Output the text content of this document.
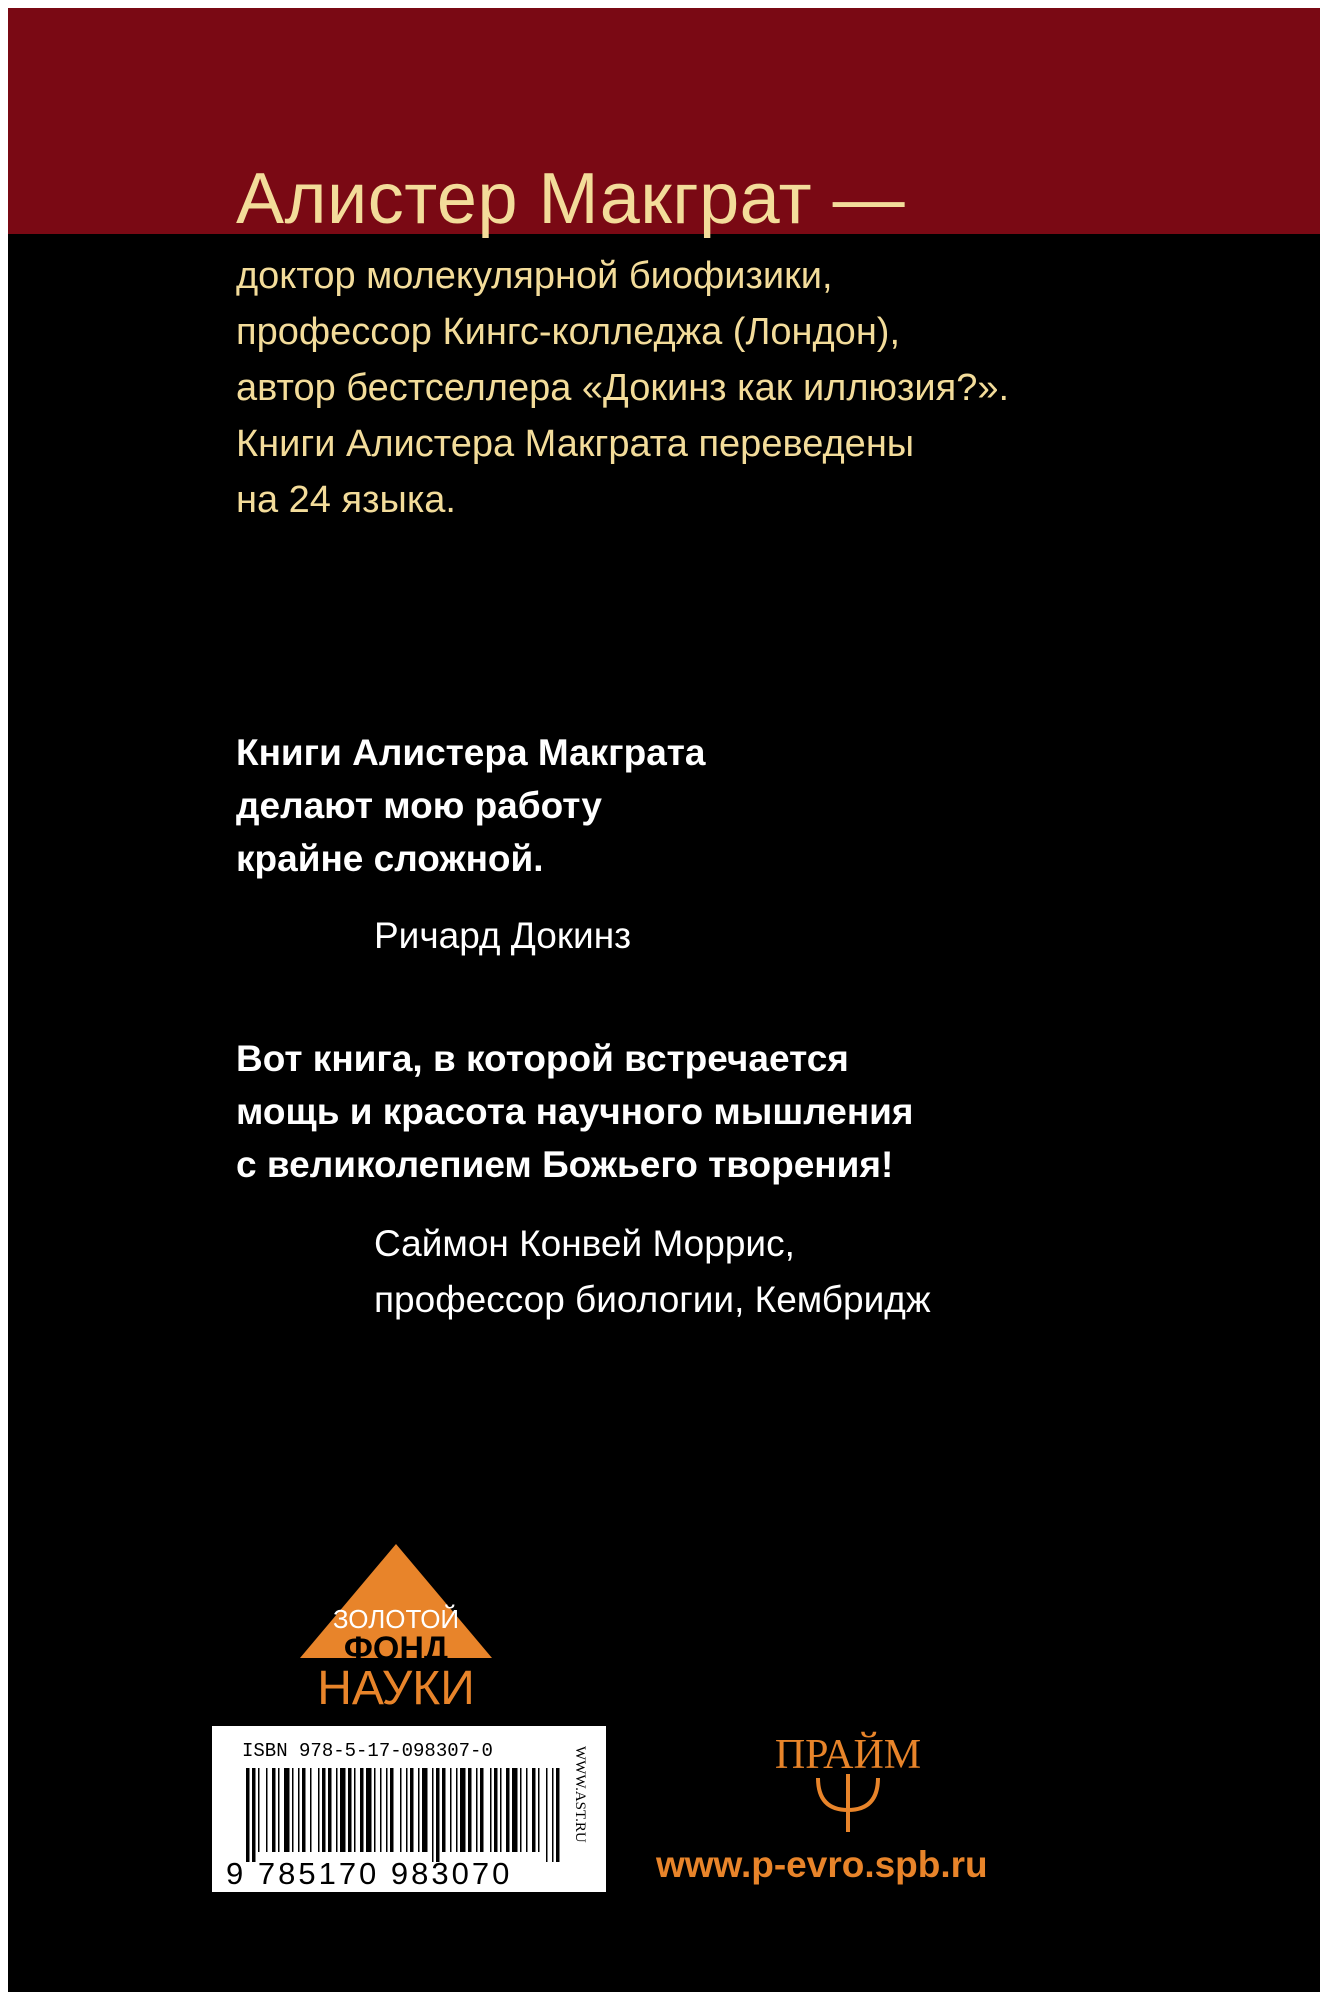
Алистер Макграт —
доктор молекулярной биофизики,
профессор Кингс-колледжа (Лондон),
автор бестселлера «Докинз как иллюзия?».
Книги Алистера Макграта переведены
на 24 языка.
Книги Алистера Макграта
делают мою работу
крайне сложной.
Ричард Докинз
Вот книга, в которой встречается
мощь и красота научного мышления
с великолепием Божьего творения!
Саймон Конвей Моррис,
профессор биологии, Кембридж
ЗОЛОТОЙ
ФОНД
НАУКИ
ISBN 978-5-17-098307-0
9 785170 983070
WWW.AST.RU	ПРАЙМ
www.p-evro.spb.ru
